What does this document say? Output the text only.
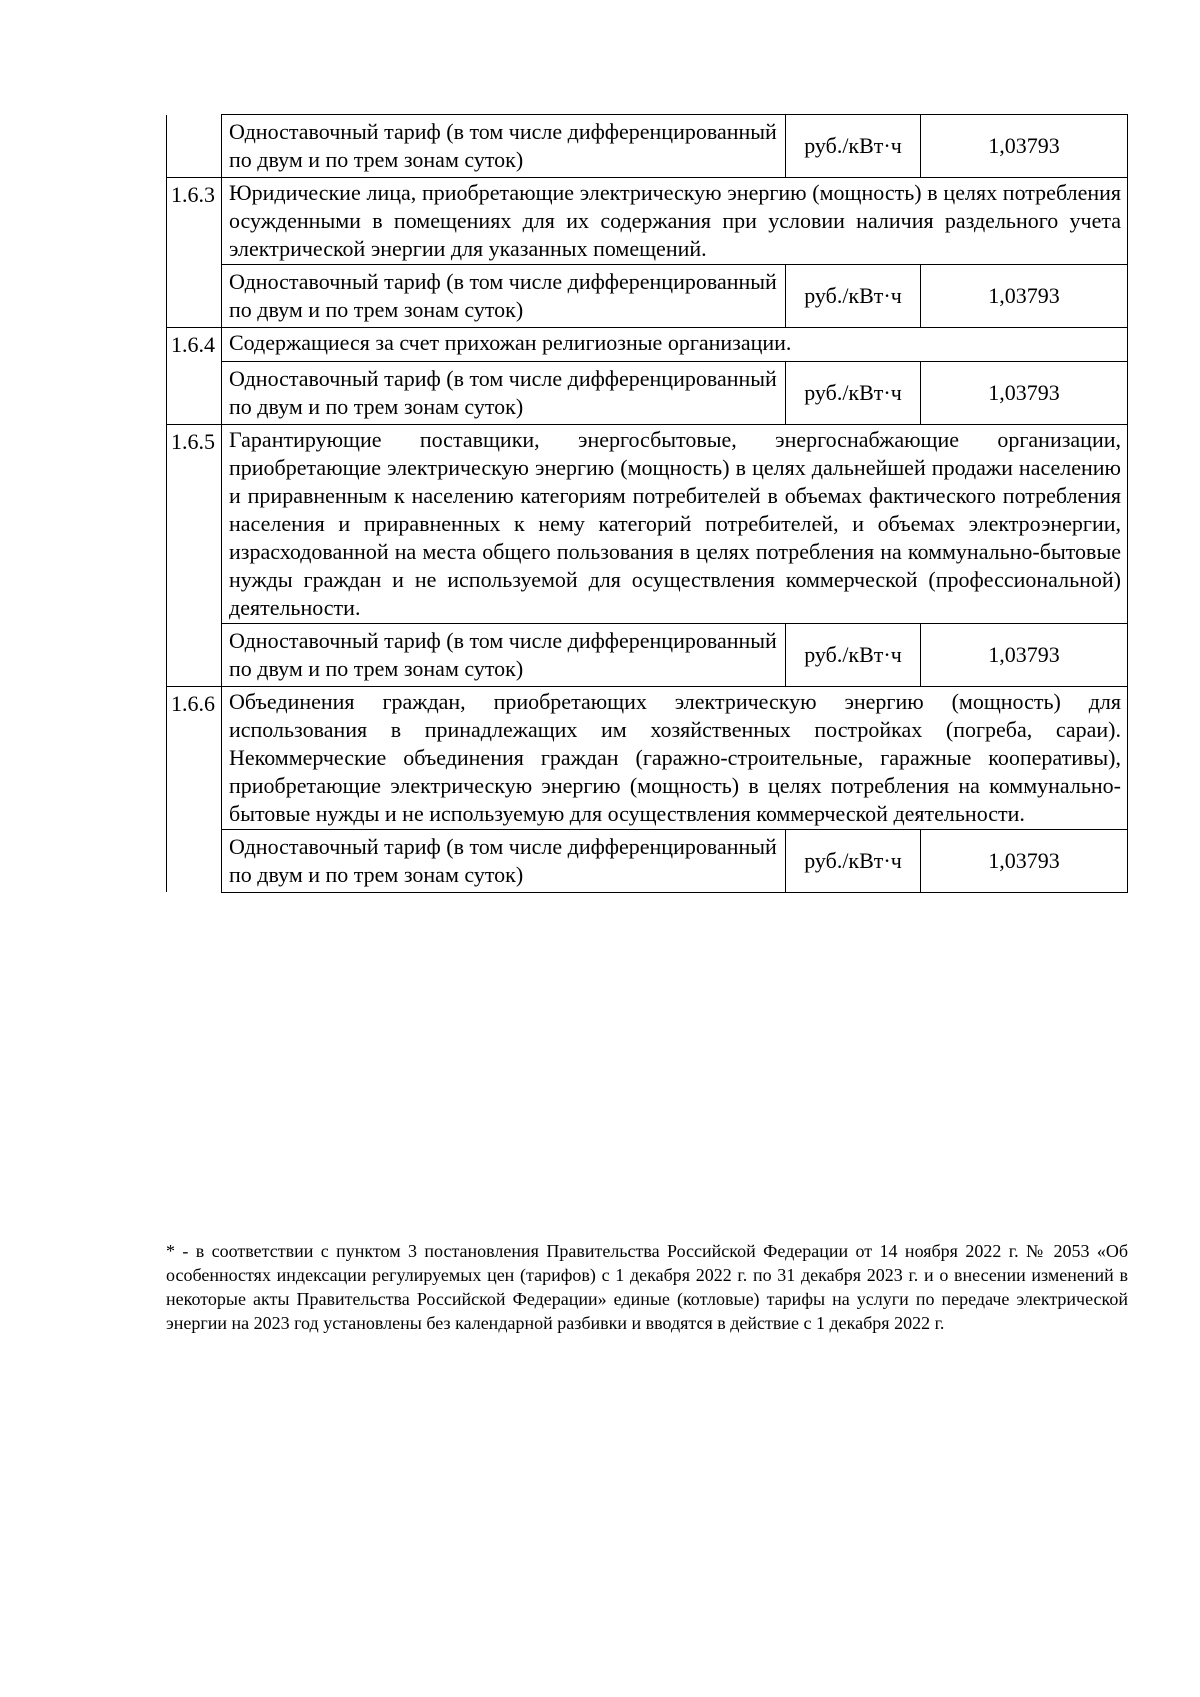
	Одноставочный тариф (в том числе дифференцированный по двум и по трем зонам суток)	руб./кВт·ч	1,03793
1.6.3	Юридические лица, приобретающие электрическую энергию (мощность) в целях потребления осужденными в помещениях для их содержания при условии наличия раздельного учета электрической энергии для указанных помещений.		
	Одноставочный тариф (в том числе дифференцированный по двум и по трем зонам суток)	руб./кВт·ч	1,03793
1.6.4	Содержащиеся за счет прихожан религиозные организации.		
	Одноставочный тариф (в том числе дифференцированный по двум и по трем зонам суток)	руб./кВт·ч	1,03793
1.6.5	Гарантирующие поставщики, энергосбытовые, энергоснабжающие организации, приобретающие электрическую энергию (мощность) в целях дальнейшей продажи населению и приравненным к населению категориям потребителей в объемах фактического потребления населения и приравненных к нему категорий потребителей, и объемах электроэнергии, израсходованной на места общего пользования в целях потребления на коммунально-бытовые нужды граждан и не используемой для осуществления коммерческой (профессиональной) деятельности.		
	Одноставочный тариф (в том числе дифференцированный по двум и по трем зонам суток)	руб./кВт·ч	1,03793
1.6.6	Объединения граждан, приобретающих электрическую энергию (мощность) для использования в принадлежащих им хозяйственных постройках (погреба, сараи). Некоммерческие объединения граждан (гаражно-строительные, гаражные кооперативы), приобретающие электрическую энергию (мощность) в целях потребления на коммунально-бытовые нужды и не используемую для осуществления коммерческой деятельности.		
	Одноставочный тариф (в том числе дифференцированный по двум и по трем зонам суток)	руб./кВт·ч	1,03793
* - в соответствии с пунктом 3 постановления Правительства Российской Федерации от 14 ноября 2022 г. № 2053 «Об особенностях индексации регулируемых цен (тарифов) с 1 декабря 2022 г. по 31 декабря 2023 г. и о внесении изменений в некоторые акты Правительства Российской Федерации» единые (котловые) тарифы на услуги по передаче электрической энергии на 2023 год установлены без календарной разбивки и вводятся в действие с 1 декабря 2022 г.
